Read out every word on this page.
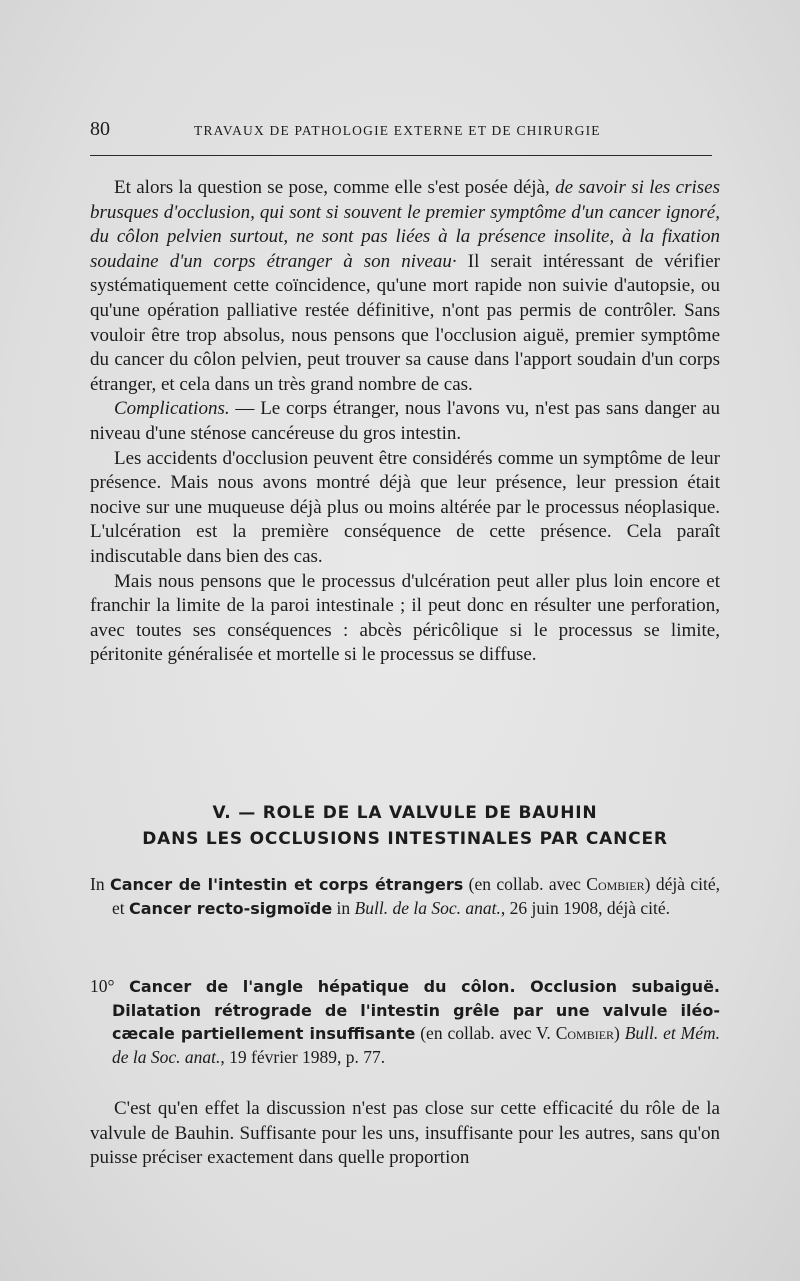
80	TRAVAUX DE PATHOLOGIE EXTERNE ET DE CHIRURGIE

Et alors la question se pose, comme elle s'est posée déjà, de savoir si les crises brusques d'occlusion, qui sont si souvent le premier symptôme d'un cancer ignoré, du côlon pelvien surtout, ne sont pas liées à la présence insolite, à la fixation soudaine d'un corps étranger à son niveau· Il serait intéressant de vérifier systématiquement cette coïncidence, qu'une mort rapide non suivie d'autopsie, ou qu'une opération palliative restée définitive, n'ont pas permis de contrôler. Sans vouloir être trop absolus, nous pensons que l'occlusion aiguë, premier symptôme du cancer du côlon pelvien, peut trouver sa cause dans l'apport soudain d'un corps étranger, et cela dans un très grand nombre de cas.

Complications. — Le corps étranger, nous l'avons vu, n'est pas sans danger au niveau d'une sténose cancéreuse du gros intestin.

Les accidents d'occlusion peuvent être considérés comme un symptôme de leur présence. Mais nous avons montré déjà que leur présence, leur pression était nocive sur une muqueuse déjà plus ou moins altérée par le processus néoplasique. L'ulcération est la première conséquence de cette présence. Cela paraît indiscutable dans bien des cas.

Mais nous pensons que le processus d'ulcération peut aller plus loin encore et franchir la limite de la paroi intestinale ; il peut donc en résulter une perforation, avec toutes ses conséquences : abcès péricôlique si le processus se limite, péritonite généralisée et mortelle si le processus se diffuse.

V. — ROLE DE LA VALVULE DE BAUHIN
DANS LES OCCLUSIONS INTESTINALES PAR CANCER

In Cancer de l'intestin et corps étrangers (en collab. avec Combier) déjà cité, et Cancer recto-sigmoïde in Bull. de la Soc. anat., 26 juin 1908, déjà cité.

10° Cancer de l'angle hépatique du côlon. Occlusion subaiguë. Dilatation rétrograde de l'intestin grêle par une valvule iléo-cæcale partiellement insuffisante (en collab. avec V. Combier) Bull. et Mém. de la Soc. anat., 19 février 1989, p. 77.

C'est qu'en effet la discussion n'est pas close sur cette efficacité du rôle de la valvule de Bauhin. Suffisante pour les uns, insuffisante pour les autres, sans qu'on puisse préciser exactement dans quelle proportion
